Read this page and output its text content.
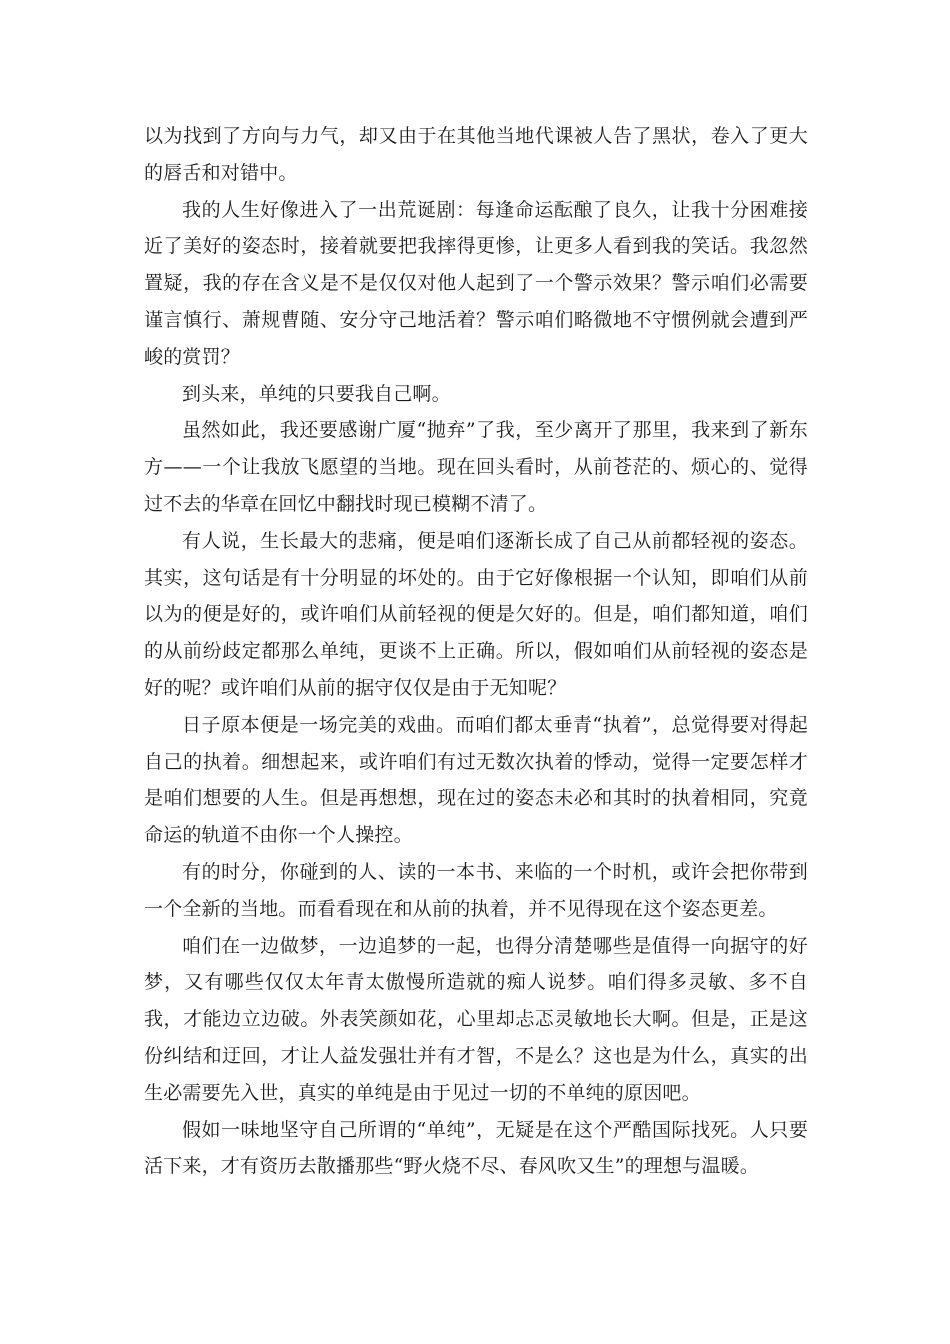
以为找到了方向与力气，却又由于在其他当地代课被人告了黑状，卷入了更大的唇舌和对错中。

我的人生好像进入了一出荒诞剧：每逢命运酝酿了良久，让我十分困难接近了美好的姿态时，接着就要把我摔得更惨，让更多人看到我的笑话。我忽然置疑，我的存在含义是不是仅仅对他人起到了一个警示效果？警示咱们必需要谨言慎行、萧规曹随、安分守己地活着？警示咱们略微地不守惯例就会遭到严峻的赏罚？

到头来，单纯的只要我自己啊。

虽然如此，我还要感谢广厦“抛弃”了我，至少离开了那里，我来到了新东方——一个让我放飞愿望的当地。现在回头看时，从前苍茫的、烦心的、觉得过不去的华章在回忆中翻找时现已模糊不清了。

有人说，生长最大的悲痛，便是咱们逐渐长成了自己从前都轻视的姿态。其实，这句话是有十分明显的坏处的。由于它好像根据一个认知，即咱们从前以为的便是好的，或许咱们从前轻视的便是欠好的。但是，咱们都知道，咱们的从前纷歧定都那么单纯，更谈不上正确。所以，假如咱们从前轻视的姿态是好的呢？或许咱们从前的据守仅仅是由于无知呢？

日子原本便是一场完美的戏曲。而咱们都太垂青“执着”，总觉得要对得起自己的执着。细想起来，或许咱们有过无数次执着的悸动，觉得一定要怎样才是咱们想要的人生。但是再想想，现在过的姿态未必和其时的执着相同，究竟命运的轨道不由你一个人操控。

有的时分，你碰到的人、读的一本书、来临的一个时机，或许会把你带到一个全新的当地。而看看现在和从前的执着，并不见得现在这个姿态更差。

咱们在一边做梦，一边追梦的一起，也得分清楚哪些是值得一向据守的好梦，又有哪些仅仅太年青太傲慢所造就的痴人说梦。咱们得多灵敏、多不自我，才能边立边破。外表笑颜如花，心里却忐忑灵敏地长大啊。但是，正是这份纠结和迂回，才让人益发强壮并有才智，不是么？这也是为什么，真实的出生必需要先入世，真实的单纯是由于见过一切的不单纯的原因吧。

假如一味地坚守自己所谓的“单纯”，无疑是在这个严酷国际找死。人只要活下来，才有资历去散播那些“野火烧不尽、春风吹又生”的理想与温暖。
